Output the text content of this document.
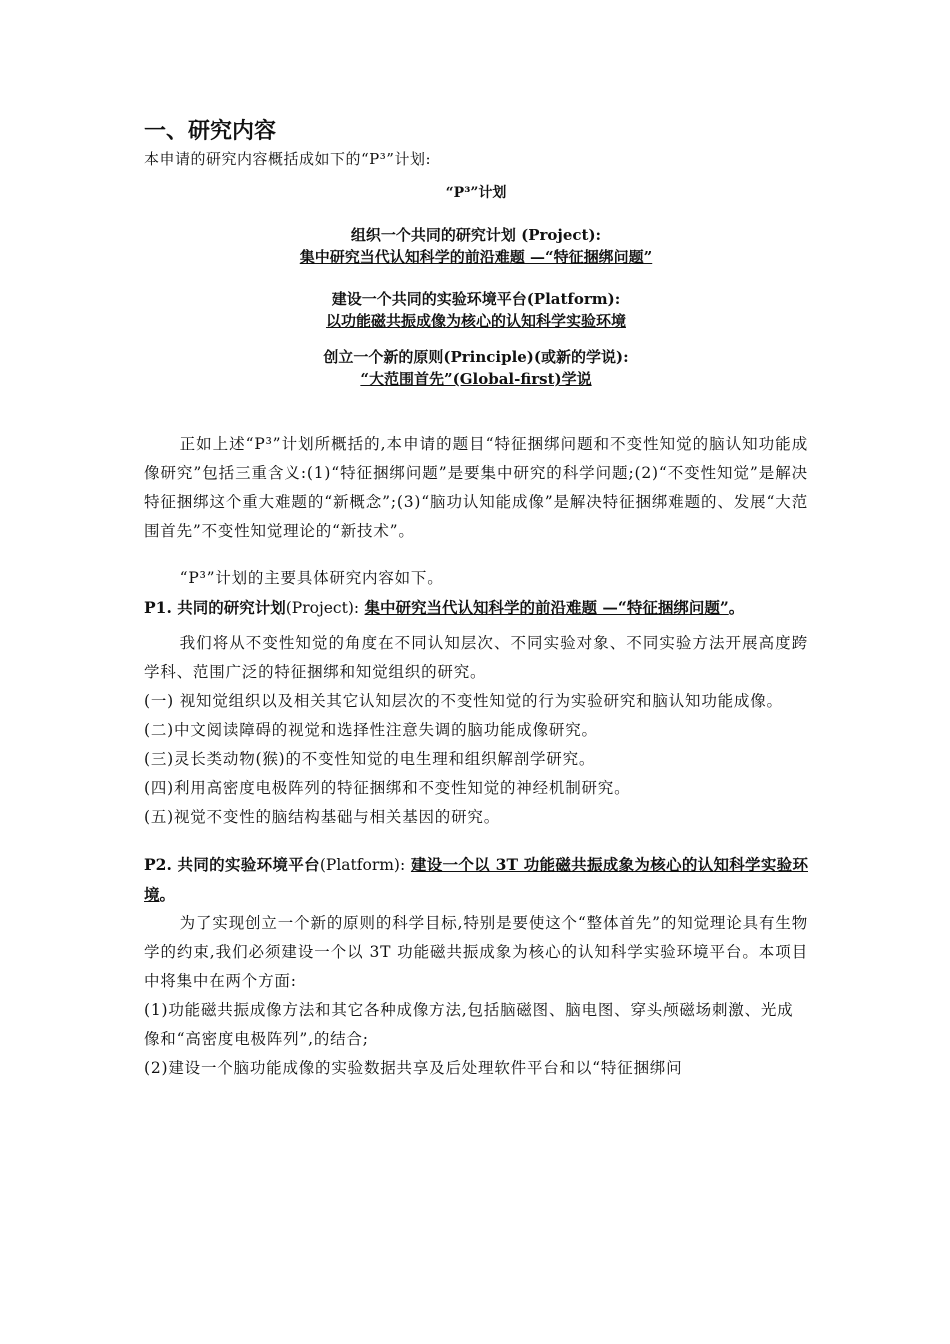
一、研究内容

本申请的研究内容概括成如下的“P³”计划:

“P³”计划
组织一个共同的研究计划 (Project):
集中研究当代认知科学的前沿难题 —“特征捆绑问题”
建设一个共同的实验环境平台(Platform):
以功能磁共振成像为核心的认知科学实验环境
创立一个新的原则(Principle)(或新的学说):
“大范围首先”(Global-first)学说

正如上述“P³”计划所概括的,本申请的题目“特征捆绑问题和不变性知觉的脑认知功能成像研究”包括三重含义:(1)“特征捆绑问题”是要集中研究的科学问题;(2)“不变性知觉”是解决特征捆绑这个重大难题的“新概念”;(3)“脑功认知能成像”是解决特征捆绑难题的、发展“大范围首先”不变性知觉理论的“新技术”。

“P³”计划的主要具体研究内容如下。

P1. 共同的研究计划(Project): 集中研究当代认知科学的前沿难题 —“特征捆绑问题”。

我们将从不变性知觉的角度在不同认知层次、不同实验对象、不同实验方法开展高度跨学科、范围广泛的特征捆绑和知觉组织的研究。

(一) 视知觉组织以及相关其它认知层次的不变性知觉的行为实验研究和脑认知功能成像。

(二)中文阅读障碍的视觉和选择性注意失调的脑功能成像研究。

(三)灵长类动物(猴)的不变性知觉的电生理和组织解剖学研究。

(四)利用高密度电极阵列的特征捆绑和不变性知觉的神经机制研究。

(五)视觉不变性的脑结构基础与相关基因的研究。

P2. 共同的实验环境平台(Platform): 建设一个以 3T 功能磁共振成象为核心的认知科学实验环境。

为了实现创立一个新的原则的科学目标,特别是要使这个“整体首先”的知觉理论具有生物学的约束,我们必须建设一个以 3T 功能磁共振成象为核心的认知科学实验环境平台。本项目中将集中在两个方面:

(1)功能磁共振成像方法和其它各种成像方法,包括脑磁图、脑电图、穿头颅磁场刺激、光成像和“高密度电极阵列”,的结合;

(2)建设一个脑功能成像的实验数据共享及后处理软件平台和以“特征捆绑问
